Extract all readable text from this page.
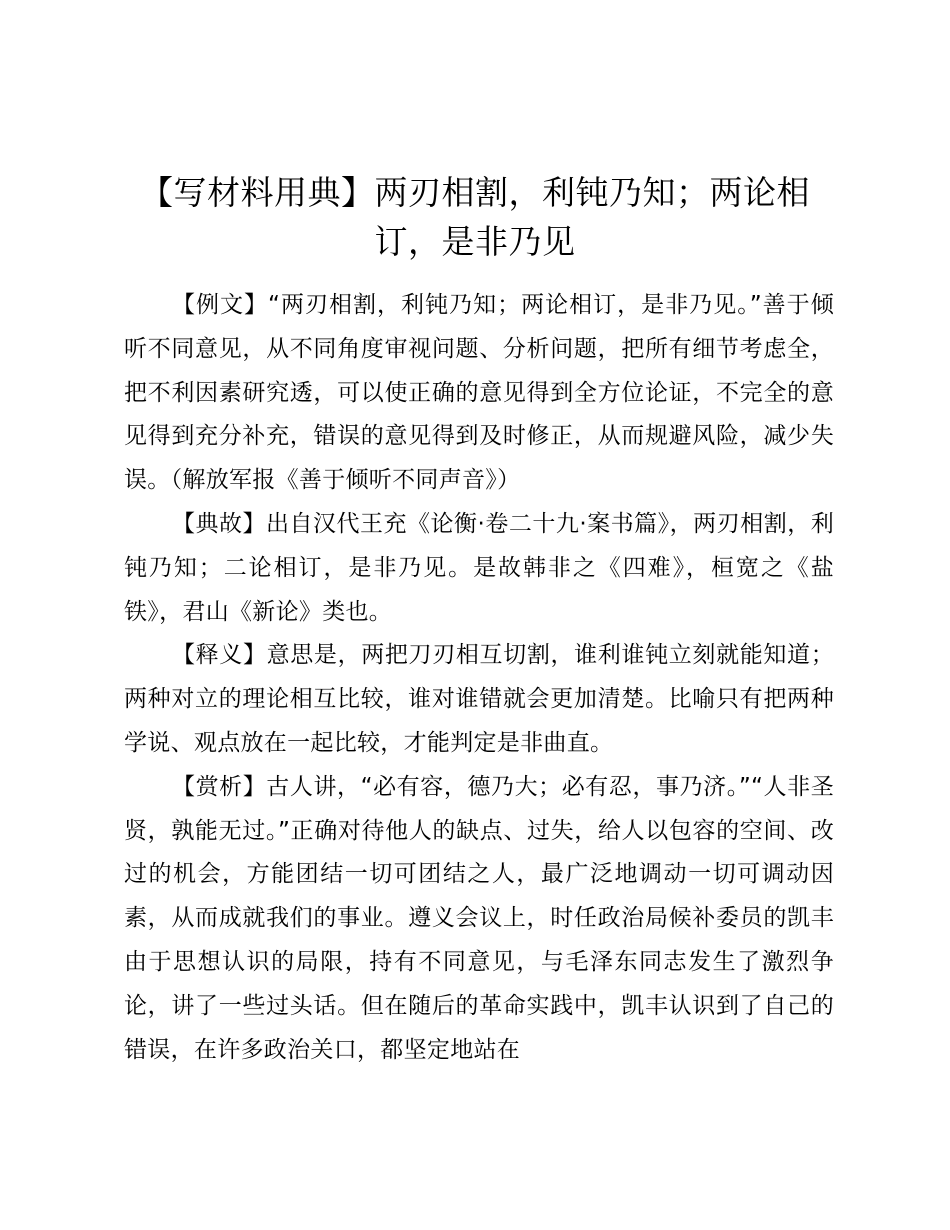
【写材料用典】两刃相割，利钝乃知；两论相订，是非乃见

【例文】“两刃相割，利钝乃知；两论相订，是非乃见。”善于倾听不同意见，从不同角度审视问题、分析问题，把所有细节考虑全，把不利因素研究透，可以使正确的意见得到全方位论证，不完全的意见得到充分补充，错误的意见得到及时修正，从而规避风险，减少失误。（解放军报《善于倾听不同声音》）

【典故】出自汉代王充《论衡·卷二十九·案书篇》，两刃相割，利钝乃知；二论相订，是非乃见。是故韩非之《四难》，桓宽之《盐铁》，君山《新论》类也。

【释义】意思是，两把刀刃相互切割，谁利谁钝立刻就能知道；两种对立的理论相互比较，谁对谁错就会更加清楚。比喻只有把两种学说、观点放在一起比较，才能判定是非曲直。

【赏析】古人讲，“必有容，德乃大；必有忍，事乃济。”“人非圣贤，孰能无过。”正确对待他人的缺点、过失，给人以包容的空间、改过的机会，方能团结一切可团结之人，最广泛地调动一切可调动因素，从而成就我们的事业。遵义会议上，时任政治局候补委员的凯丰由于思想认识的局限，持有不同意见，与毛泽东同志发生了激烈争论，讲了一些过头话。但在随后的革命实践中，凯丰认识到了自己的错误，在许多政治关口，都坚定地站在
